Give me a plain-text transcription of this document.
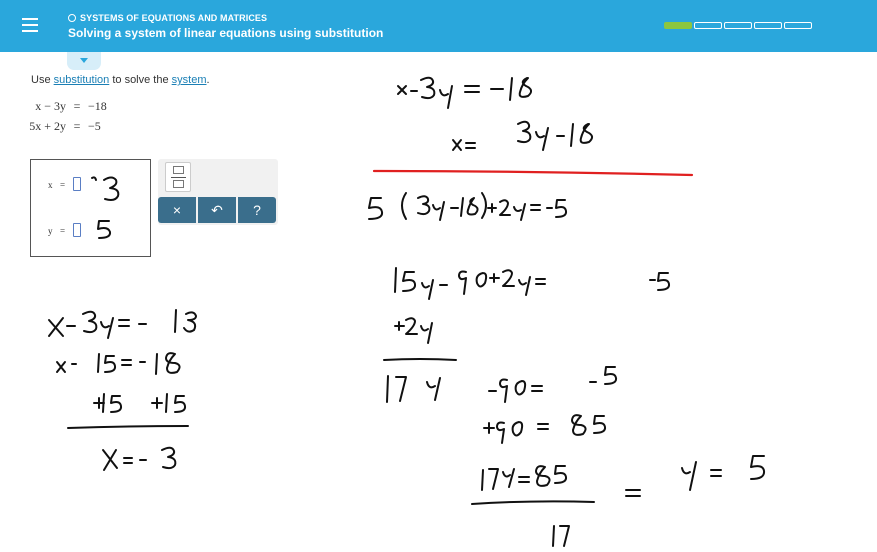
SYSTEMS OF EQUATIONS AND MATRICES
Solving a system of linear equations using substitution
Use substitution to solve the system.
x − 3y = −18
5x + 2y = −5
x =
y =
×	↶	?
